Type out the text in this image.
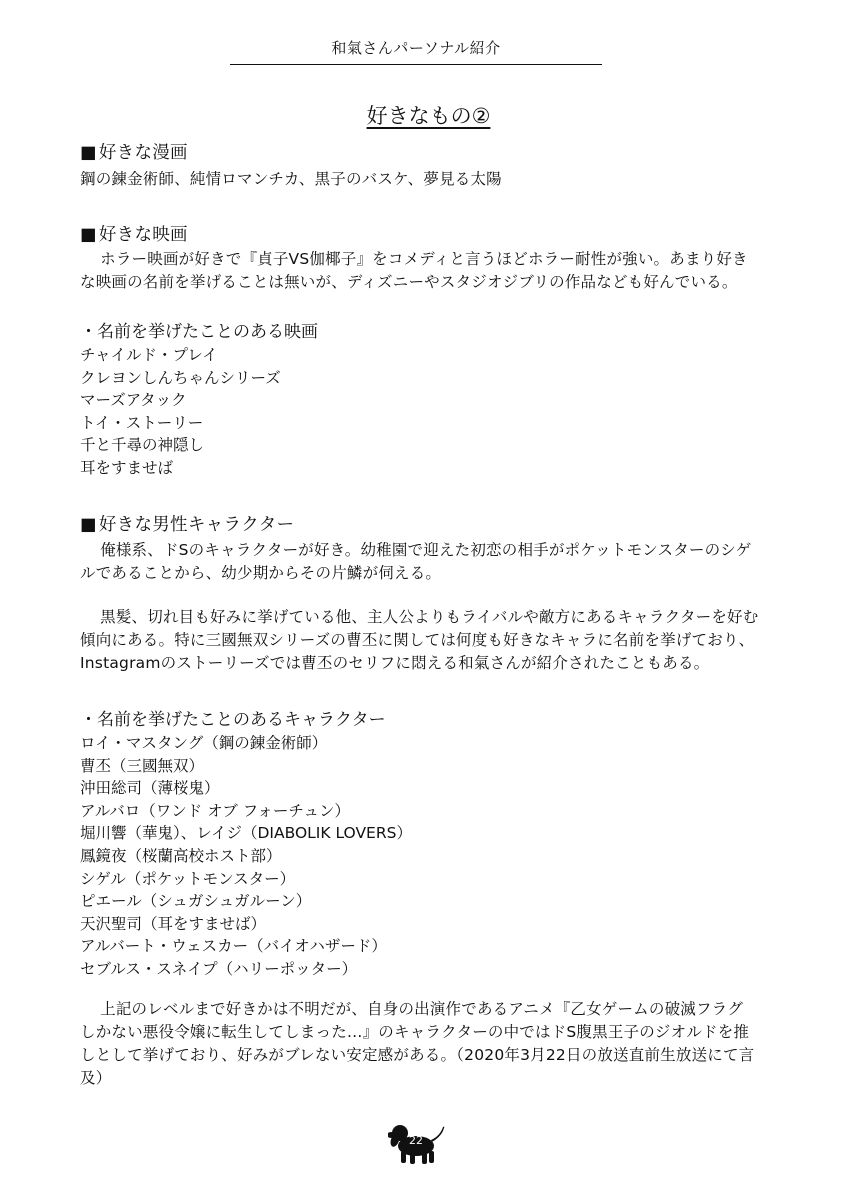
和氣さんパーソナル紹介
好きなもの②
■ 好きな漫画
鋼の錬金術師、純情ロマンチカ、黒子のバスケ、夢見る太陽
■ 好きな映画
ホラー映画が好きで『貞子VS伽椰子』をコメディと言うほどホラー耐性が強い。あまり好き
な映画の名前を挙げることは無いが、ディズニーやスタジオジブリの作品なども好んでいる。
・名前を挙げたことのある映画
チャイルド・プレイ
クレヨンしんちゃんシリーズ
マーズアタック
トイ・ストーリー
千と千尋の神隠し
耳をすませば
■ 好きな男性キャラクター
俺様系、ドSのキャラクターが好き。幼稚園で迎えた初恋の相手がポケットモンスターのシゲ
ルであることから、幼少期からその片鱗が伺える。
黒髪、切れ目も好みに挙げている他、主人公よりもライバルや敵方にあるキャラクターを好む
傾向にある。特に三國無双シリーズの曹丕に関しては何度も好きなキャラに名前を挙げており、
Instagramのストーリーズでは曹丕のセリフに悶える和氣さんが紹介されたこともある。
・名前を挙げたことのあるキャラクター
ロイ・マスタング（鋼の錬金術師）
曹丕（三國無双）
沖田総司（薄桜鬼）
アルバロ（ワンド オブ フォーチュン）
堀川響（華鬼）、レイジ（DIABOLIK LOVERS）
鳳鏡夜（桜蘭高校ホスト部）
シゲル（ポケットモンスター）
ピエール（シュガシュガルーン）
天沢聖司（耳をすませば）
アルバート・ウェスカー（バイオハザード）
セブルス・スネイプ（ハリーポッター）
上記のレベルまで好きかは不明だが、自身の出演作であるアニメ『乙女ゲームの破滅フラグ
しかない悪役令嬢に転生してしまった…』のキャラクターの中ではドS腹黒王子のジオルドを推
しとして挙げており、好みがブレない安定感がある。（2020年3月22日の放送直前生放送にて言
及）
22
